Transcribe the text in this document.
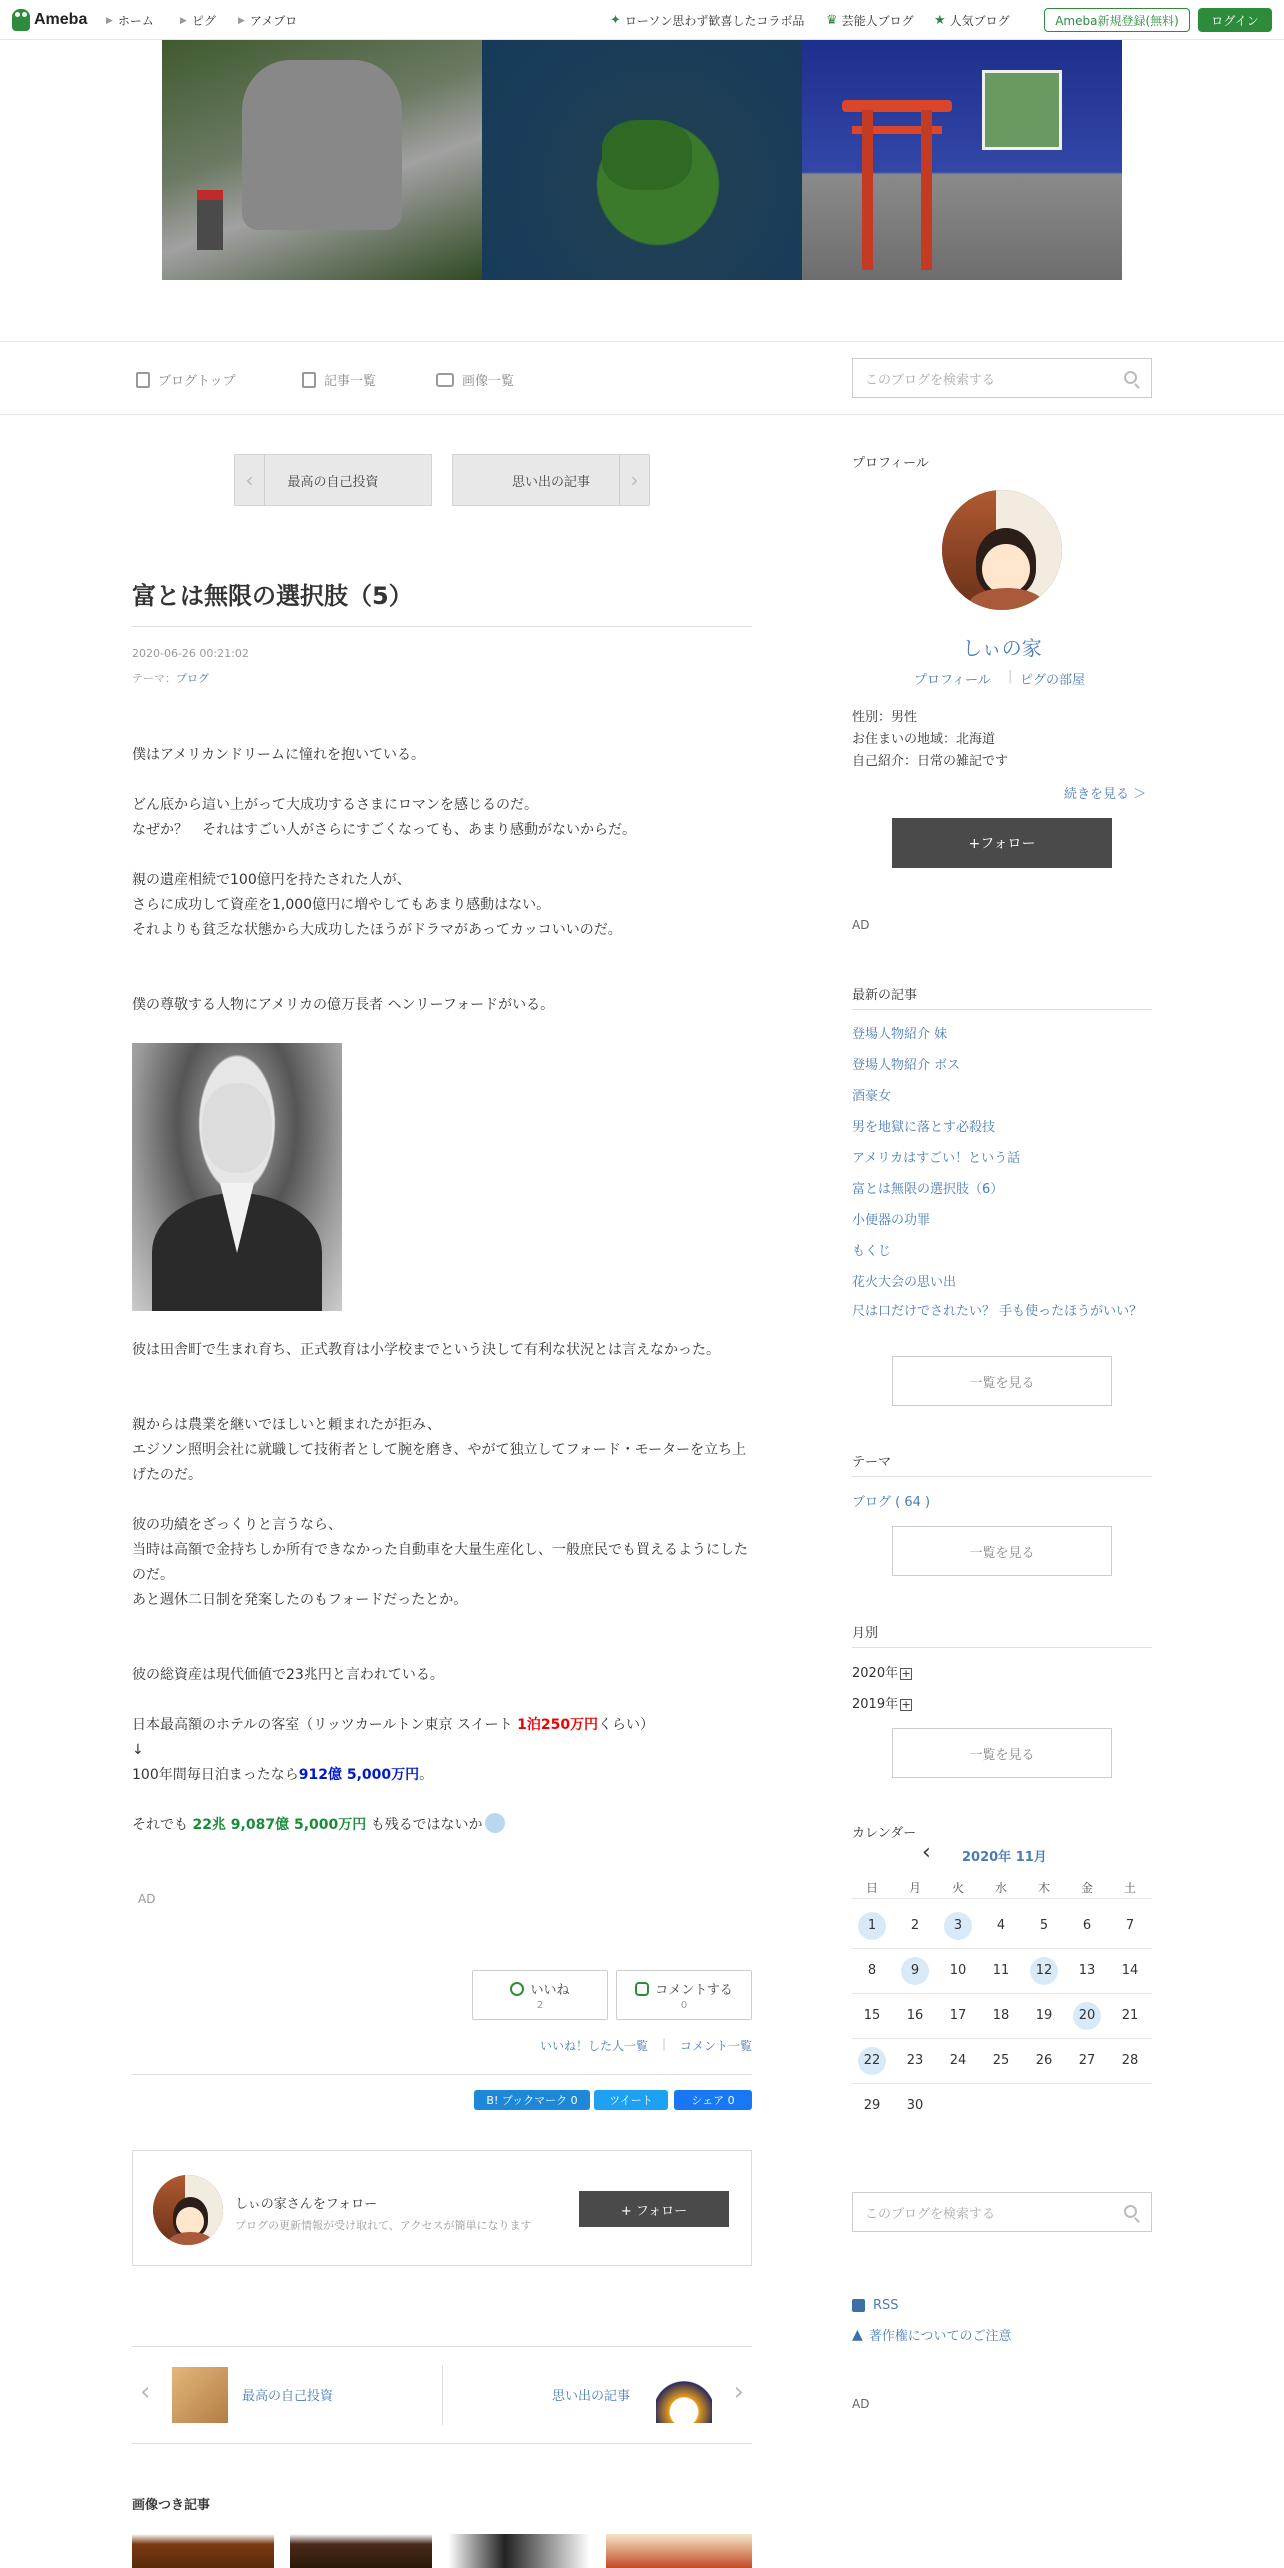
Ameba ▶ ホーム	▶ ピグ ▶ アメブロ	✦ ローソン思わず歓喜したコラボ品 ♛ 芸能人ブログ ★ 人気ブログ	Ameba新規登録(無料)	ログイン
ブログトップ	記事一覧	画像一覧	このブログを検索する
‹	最高の自己投資	思い出の記事	›
富とは無限の選択肢（5）
2020-06-26 00:21:02
テーマ：ブログ
僕はアメリカンドリームに憧れを抱いている。
どん底から這い上がって大成功するさまにロマンを感じるのだ。
なぜか？　それはすごい人がさらにすごくなっても、あまり感動がないからだ。
親の遺産相続で100億円を持たされた人が、
さらに成功して資産を1,000億円に増やしてもあまり感動はない。
それよりも貧乏な状態から大成功したほうがドラマがあってカッコいいのだ。
僕の尊敬する人物にアメリカの億万長者 ヘンリーフォードがいる。
彼は田舎町で生まれ育ち、正式教育は小学校までという決して有利な状況とは言えなかった。
親からは農業を継いでほしいと頼まれたが拒み、
エジソン照明会社に就職して技術者として腕を磨き、やがて独立してフォード・モーターを立ち上げたのだ。
彼の功績をざっくりと言うなら、
当時は高額で金持ちしか所有できなかった自動車を大量生産化し、一般庶民でも買えるようにしたのだ。
あと週休二日制を発案したのもフォードだったとか。
彼の総資産は現代価値で23兆円と言われている。
日本最高額のホテルの客室（リッツカールトン東京 スイート 1泊250万円くらい）
↓
100年間毎日泊まったなら912億 5,000万円。
それでも 22兆 9,087億 5,000万円 も残るではないか
AD
いいね
2
コメントする
0
いいね！した人一覧 | コメント一覧
B! ブックマーク 0	ツイート	シェア 0
しぃの家さんをフォロー
ブログの更新情報が受け取れて、アクセスが簡単になります
+ フォロー
‹	最高の自己投資	思い出の記事	›
画像つき記事
プロフィール
しぃの家
プロフィール | ピグの部屋
性別：男性
お住まいの地域：北海道
自己紹介：日常の雑記です
続きを見る ＞
+フォロー
AD
最新の記事
登場人物紹介 妹
登場人物紹介 ボス
酒豪女
男を地獄に落とす必殺技
アメリカはすごい！という話
富とは無限の選択肢（6）
小便器の功罪
もくじ
花火大会の思い出
尺は口だけでされたい？ 手も使ったほうがいい？
一覧を見る
テーマ
ブログ ( 64 )
一覧を見る
月別
2020年 +
2019年 +
一覧を見る
カレンダー
‹ 2020年 11月
日	月	火	水	木	金	土
1	2	3	4	5	6	7
8	9	10	11	12	13	14
15	16	17	18	19	20	21
22	23	24	25	26	27	28
29	30
このブログを検索する
RSS
▲ 著作権についてのご注意
AD
